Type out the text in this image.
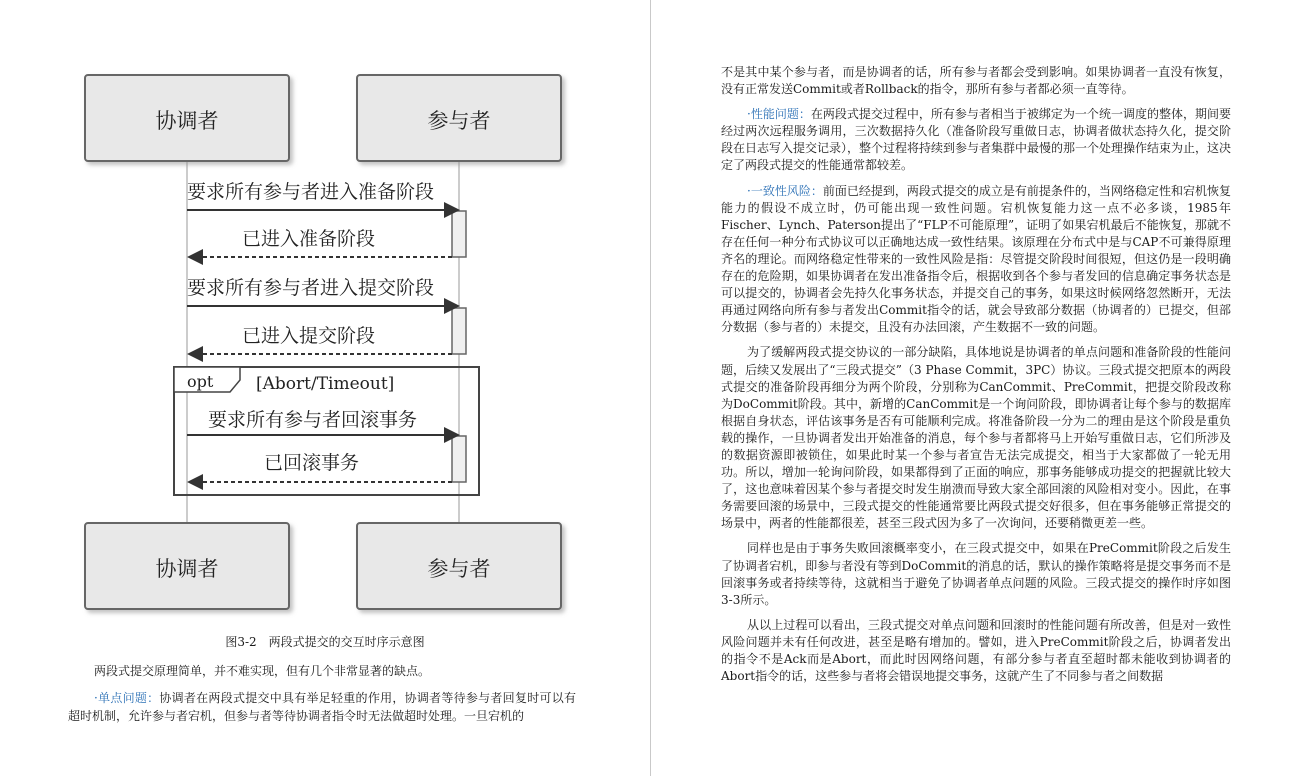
协调者	参与者
要求所有参与者进入准备阶段
已进入准备阶段
要求所有参与者进入提交阶段
已进入提交阶段
opt	[Abort/Timeout]
要求所有参与者回滚事务
已回滚事务
协调者	参与者
图3-2　两段式提交的交互时序示意图
两段式提交原理简单，并不难实现，但有几个非常显著的缺点。
·单点问题：协调者在两段式提交中具有举足轻重的作用，协调者等待参与者回复时可以有超时机制，允许参与者宕机，但参与者等待协调者指令时无法做超时处理。一旦宕机的

不是其中某个参与者，而是协调者的话，所有参与者都会受到影响。如果协调者一直没有恢复，没有正常发送Commit或者Rollback的指令，那所有参与者都必须一直等待。

·性能问题：在两段式提交过程中，所有参与者相当于被绑定为一个统一调度的整体，期间要经过两次远程服务调用，三次数据持久化（准备阶段写重做日志，协调者做状态持久化，提交阶段在日志写入提交记录），整个过程将持续到参与者集群中最慢的那一个处理操作结束为止，这决定了两段式提交的性能通常都较差。

·一致性风险：前面已经提到，两段式提交的成立是有前提条件的，当网络稳定性和宕机恢复能力的假设不成立时，仍可能出现一致性问题。宕机恢复能力这一点不必多谈，1985年Fischer、Lynch、Paterson提出了“FLP不可能原理”，证明了如果宕机最后不能恢复，那就不存在任何一种分布式协议可以正确地达成一致性结果。该原理在分布式中是与CAP不可兼得原理齐名的理论。而网络稳定性带来的一致性风险是指：尽管提交阶段时间很短，但这仍是一段明确存在的危险期，如果协调者在发出准备指令后，根据收到各个参与者发回的信息确定事务状态是可以提交的，协调者会先持久化事务状态，并提交自己的事务，如果这时候网络忽然断开，无法再通过网络向所有参与者发出Commit指令的话，就会导致部分数据（协调者的）已提交，但部分数据（参与者的）未提交，且没有办法回滚，产生数据不一致的问题。

为了缓解两段式提交协议的一部分缺陷，具体地说是协调者的单点问题和准备阶段的性能问题，后续又发展出了“三段式提交”（3 Phase Commit，3PC）协议。三段式提交把原本的两段式提交的准备阶段再细分为两个阶段，分别称为CanCommit、PreCommit，把提交阶段改称为DoCommit阶段。其中，新增的CanCommit是一个询问阶段，即协调者让每个参与的数据库根据自身状态，评估该事务是否有可能顺利完成。将准备阶段一分为二的理由是这个阶段是重负载的操作，一旦协调者发出开始准备的消息，每个参与者都将马上开始写重做日志，它们所涉及的数据资源即被锁住，如果此时某一个参与者宣告无法完成提交，相当于大家都做了一轮无用功。所以，增加一轮询问阶段，如果都得到了正面的响应，那事务能够成功提交的把握就比较大了，这也意味着因某个参与者提交时发生崩溃而导致大家全部回滚的风险相对变小。因此，在事务需要回滚的场景中，三段式提交的性能通常要比两段式提交好很多，但在事务能够正常提交的场景中，两者的性能都很差，甚至三段式因为多了一次询问，还要稍微更差一些。

同样也是由于事务失败回滚概率变小，在三段式提交中，如果在PreCommit阶段之后发生了协调者宕机，即参与者没有等到DoCommit的消息的话，默认的操作策略将是提交事务而不是回滚事务或者持续等待，这就相当于避免了协调者单点问题的风险。三段式提交的操作时序如图3-3所示。

从以上过程可以看出，三段式提交对单点问题和回滚时的性能问题有所改善，但是对一致性风险问题并未有任何改进，甚至是略有增加的。譬如，进入PreCommit阶段之后，协调者发出的指令不是Ack而是Abort，而此时因网络问题，有部分参与者直至超时都未能收到协调者的Abort指令的话，这些参与者将会错误地提交事务，这就产生了不同参与者之间数据
